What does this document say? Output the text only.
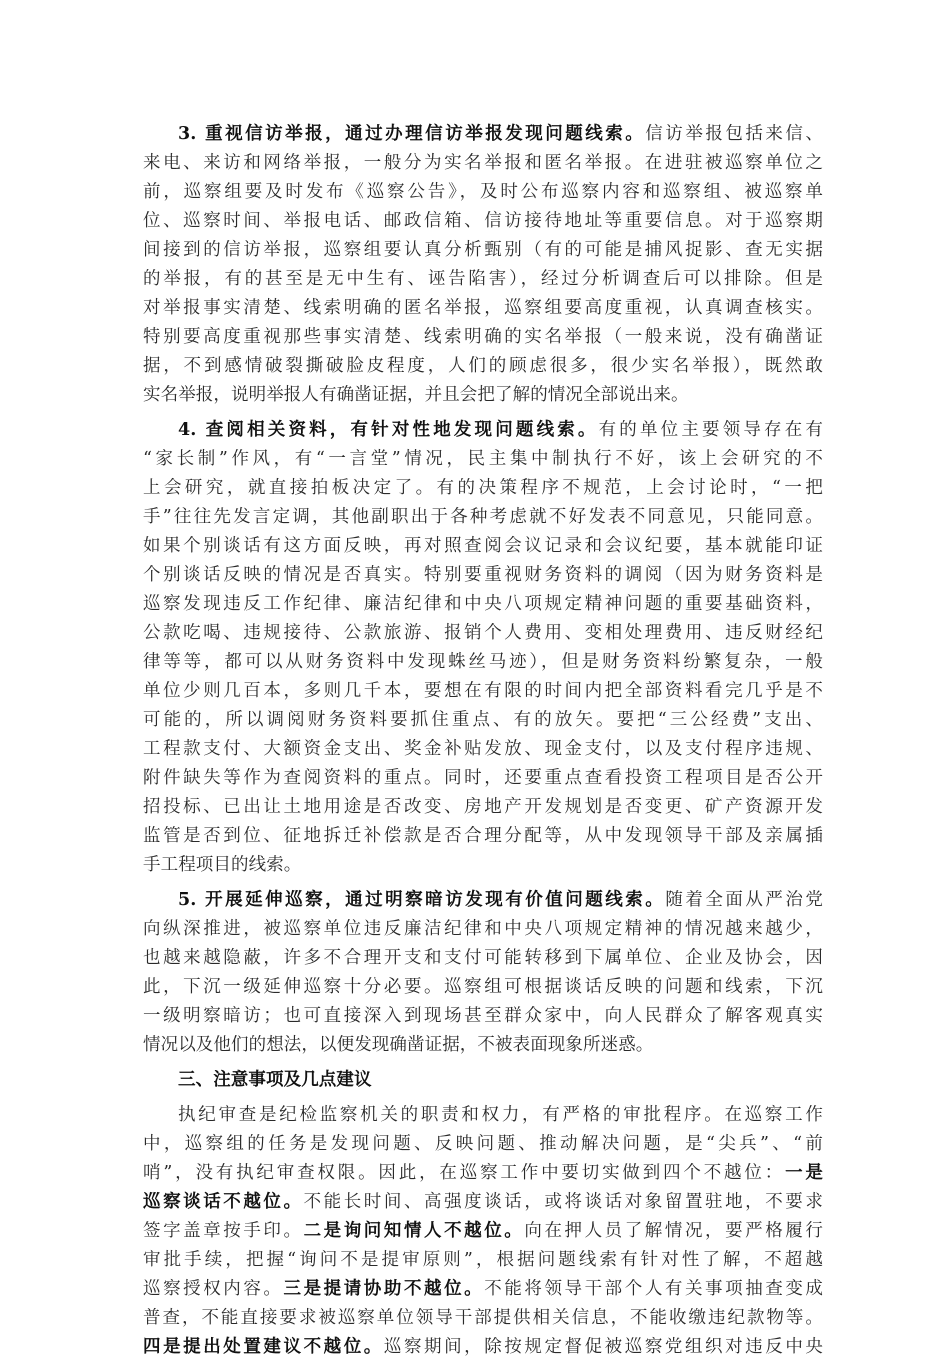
3. 重视信访举报，通过办理信访举报发现问题线索。信访举报包括来信、
来电、来访和网络举报，一般分为实名举报和匿名举报。在进驻被巡察单位之
前，巡察组要及时发布《巡察公告》，及时公布巡察内容和巡察组、被巡察单
位、巡察时间、举报电话、邮政信箱、信访接待地址等重要信息。对于巡察期
间接到的信访举报，巡察组要认真分析甄别（有的可能是捕风捉影、查无实据
的举报，有的甚至是无中生有、诬告陷害），经过分析调查后可以排除。但是
对举报事实清楚、线索明确的匿名举报，巡察组要高度重视，认真调查核实。
特别要高度重视那些事实清楚、线索明确的实名举报（一般来说，没有确凿证
据，不到感情破裂撕破脸皮程度，人们的顾虑很多，很少实名举报），既然敢
实名举报，说明举报人有确凿证据，并且会把了解的情况全部说出来。
4. 查阅相关资料，有针对性地发现问题线索。有的单位主要领导存在有
“家长制”作风，有“一言堂”情况，民主集中制执行不好，该上会研究的不
上会研究，就直接拍板决定了。有的决策程序不规范，上会讨论时，“一把
手”往往先发言定调，其他副职出于各种考虑就不好发表不同意见，只能同意。
如果个别谈话有这方面反映，再对照查阅会议记录和会议纪要，基本就能印证
个别谈话反映的情况是否真实。特别要重视财务资料的调阅（因为财务资料是
巡察发现违反工作纪律、廉洁纪律和中央八项规定精神问题的重要基础资料，
公款吃喝、违规接待、公款旅游、报销个人费用、变相处理费用、违反财经纪
律等等，都可以从财务资料中发现蛛丝马迹），但是财务资料纷繁复杂，一般
单位少则几百本，多则几千本，要想在有限的时间内把全部资料看完几乎是不
可能的，所以调阅财务资料要抓住重点、有的放矢。要把“三公经费”支出、
工程款支付、大额资金支出、奖金补贴发放、现金支付，以及支付程序违规、
附件缺失等作为查阅资料的重点。同时，还要重点查看投资工程项目是否公开
招投标、已出让土地用途是否改变、房地产开发规划是否变更、矿产资源开发
监管是否到位、征地拆迁补偿款是否合理分配等，从中发现领导干部及亲属插
手工程项目的线索。
5. 开展延伸巡察，通过明察暗访发现有价值问题线索。随着全面从严治党
向纵深推进，被巡察单位违反廉洁纪律和中央八项规定精神的情况越来越少，
也越来越隐蔽，许多不合理开支和支付可能转移到下属单位、企业及协会，因
此，下沉一级延伸巡察十分必要。巡察组可根据谈话反映的问题和线索，下沉
一级明察暗访；也可直接深入到现场甚至群众家中，向人民群众了解客观真实
情况以及他们的想法，以便发现确凿证据，不被表面现象所迷惑。
三、注意事项及几点建议
执纪审查是纪检监察机关的职责和权力，有严格的审批程序。在巡察工作
中，巡察组的任务是发现问题、反映问题、推动解决问题，是“尖兵”、“前
哨”，没有执纪审查权限。因此，在巡察工作中要切实做到四个不越位：一是
巡察谈话不越位。不能长时间、高强度谈话，或将谈话对象留置驻地，不要求
签字盖章按手印。二是询问知情人不越位。向在押人员了解情况，要严格履行
审批手续，把握“询问不是提审原则”，根据问题线索有针对性了解，不超越
巡察授权内容。三是提请协助不越位。不能将领导干部个人有关事项抽查变成
普查，不能直接要求被巡察单位领导干部提供相关信息，不能收缴违纪款物等。
四是提出处置建议不越位。巡察期间，除按规定督促被巡察党组织对违反中央
